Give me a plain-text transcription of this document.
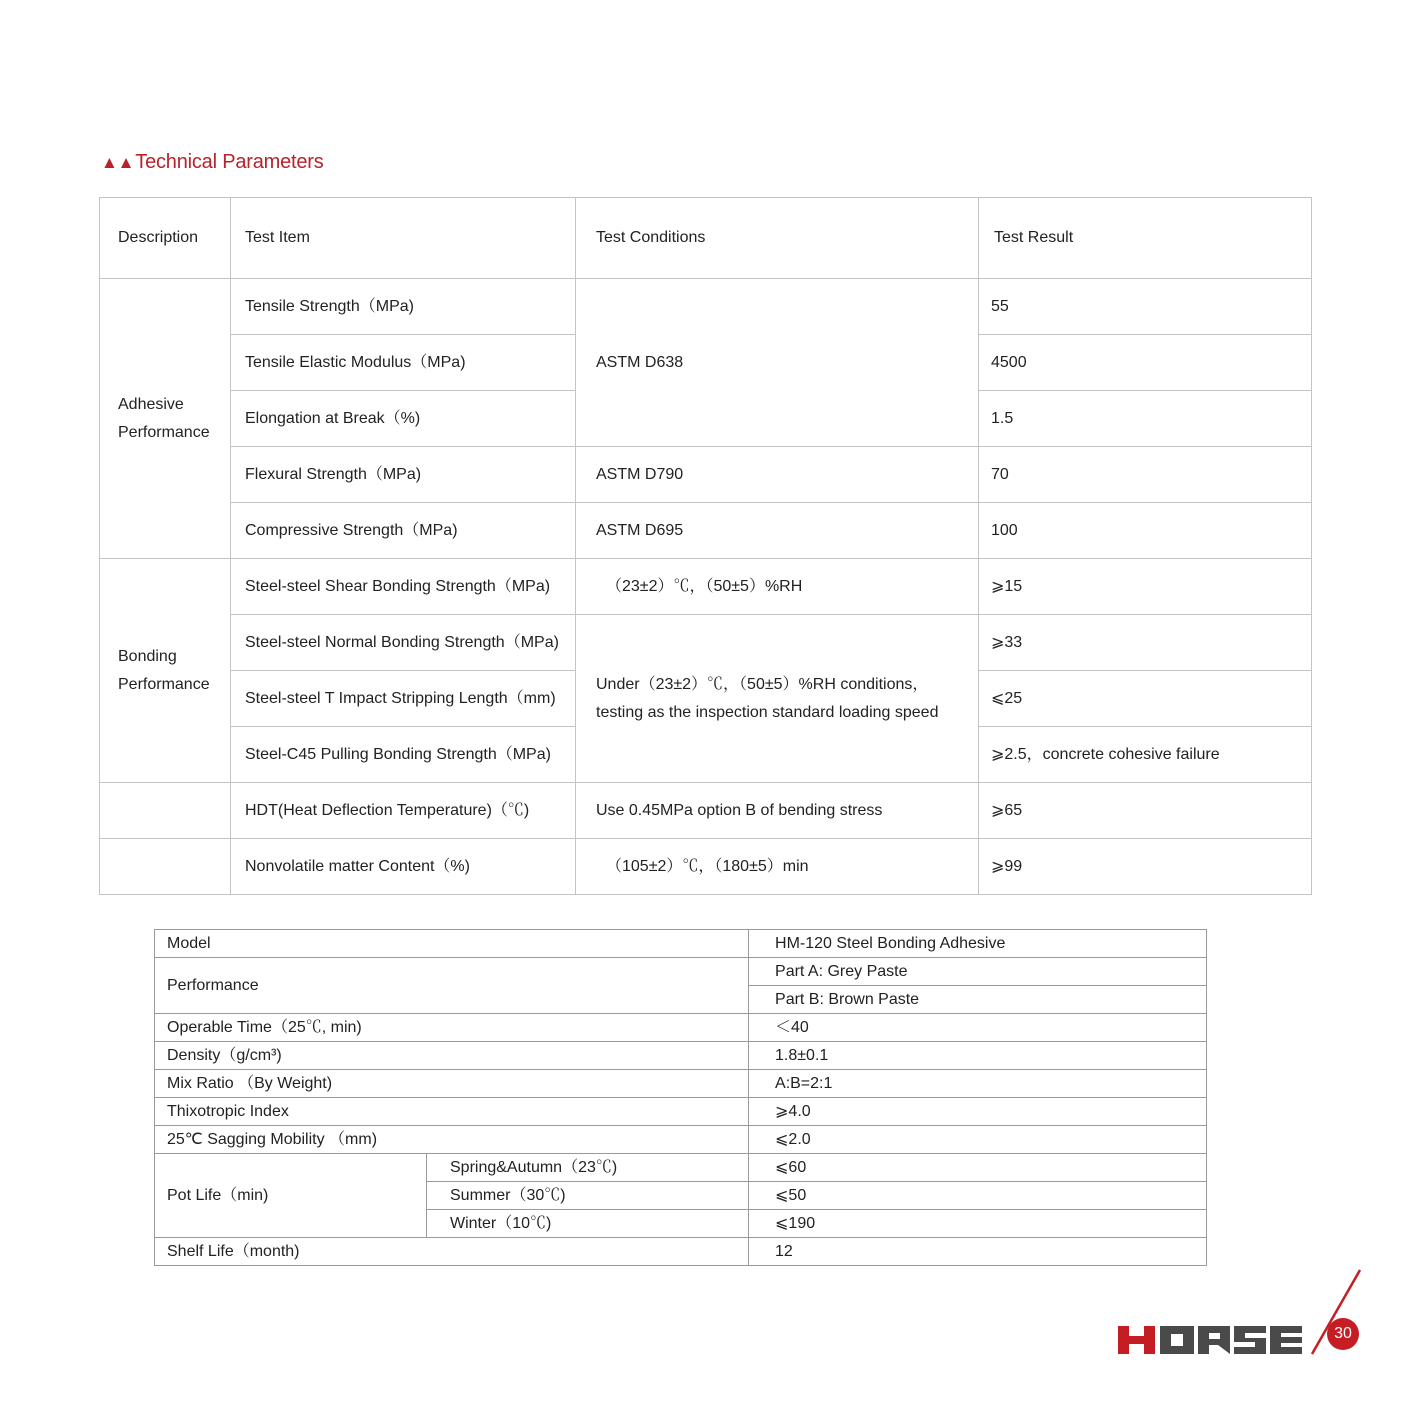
▲▲Technical Parameters
Description	Test Item	Test Conditions	Test Result

Adhesive
Performance	Tensile Strength（MPa)	ASTM D638	55
	Tensile Elastic Modulus（MPa)		4500
	Elongation at Break（%)		1.5
	Flexural Strength（MPa)	ASTM D790	70
	Compressive Strength（MPa)	ASTM D695	100

Bonding
Performance	Steel-steel Shear Bonding Strength（MPa)	（23±2）℃，（50±5）%RH	⩾15
	Steel-steel Normal Bonding Strength（MPa)	Under（23±2）℃，（50±5）%RH conditions，
testing as the inspection standard loading speed	⩾33
	Steel-steel T Impact Stripping Length（mm)		⩽25
	Steel-C45 Pulling Bonding Strength（MPa)		⩾2.5，concrete cohesive failure
	HDT(Heat Deflection Temperature)（℃)	Use 0.45MPa option B of bending stress	⩾65
	Nonvolatile matter Content（%)	（105±2）℃，（180±5）min	⩾99
Model		HM-120 Steel Bonding Adhesive
Performance		Part A: Grey Paste
		Part B: Brown Paste
Operable Time（25℃, min)		＜40
Density（g/cm³)		1.8±0.1
Mix Ratio （By Weight)		A:B=2:1
Thixotropic Index		⩾4.0
25℃ Sagging Mobility （mm)		⩽2.0
Pot Life（min)	Spring&Autumn（23℃)	⩽60
	Summer（30℃)	⩽50
	Winter（10℃)	⩽190
Shelf Life（month)		12
30
